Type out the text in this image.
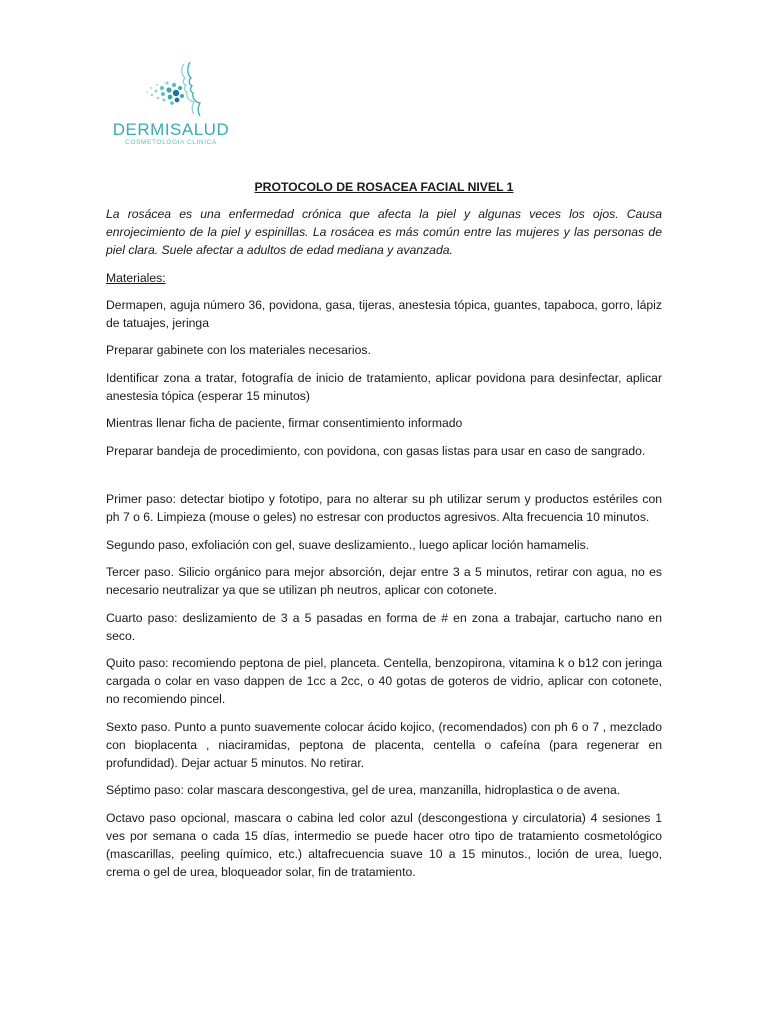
DERMISALUD
COSMETOLOGIA CLINICA
PROTOCOLO DE ROSACEA FACIAL NIVEL 1

La rosácea es una enfermedad crónica que afecta la piel y algunas veces los ojos. Causa enrojecimiento de la piel y espinillas. La rosácea es más común entre las mujeres y las personas de piel clara. Suele afectar a adultos de edad mediana y avanzada.

Materiales:

Dermapen, aguja número 36, povidona, gasa, tijeras, anestesia tópica, guantes, tapaboca, gorro, lápiz de tatuajes, jeringa

Preparar gabinete con los materiales necesarios.

Identificar zona a tratar, fotografía de inicio de tratamiento, aplicar povidona para desinfectar, aplicar anestesia tópica (esperar 15 minutos)

Mientras llenar ficha de paciente, firmar consentimiento informado

Preparar bandeja de procedimiento, con povidona, con gasas listas para usar en caso de sangrado.

Primer paso: detectar biotipo y fototipo, para no alterar su ph utilizar serum y productos estériles con ph 7 o 6. Limpieza (mouse o geles) no estresar con productos agresivos. Alta frecuencia 10 minutos.

Segundo paso, exfoliación con gel, suave deslizamiento., luego aplicar loción hamamelis.

Tercer paso. Silicio orgánico para mejor absorción, dejar entre 3 a 5 minutos, retirar con agua, no es necesario neutralizar ya que se utilizan ph neutros, aplicar con cotonete.

Cuarto paso: deslizamiento de 3 a 5 pasadas en forma de # en zona a trabajar, cartucho nano en seco.

Quito paso: recomiendo peptona de piel, planceta. Centella, benzopirona, vitamina k o b12 con jeringa cargada o colar en vaso dappen de 1cc a 2cc, o 40 gotas de goteros de vidrio, aplicar con cotonete, no recomiendo pincel.

Sexto paso. Punto a punto suavemente colocar ácido kojico, (recomendados) con ph 6 o 7 , mezclado con bioplacenta , niaciramidas, peptona de placenta, centella o cafeína (para regenerar en profundidad). Dejar actuar 5 minutos. No retirar.

Séptimo paso: colar mascara descongestiva, gel de urea, manzanilla, hidroplastica o de avena.

Octavo paso opcional, mascara o cabina led color azul (descongestiona y circulatoria) 4 sesiones 1 ves por semana o cada 15 días, intermedio se puede hacer otro tipo de tratamiento cosmetológico (mascarillas, peeling químico, etc.) altafrecuencia suave 10 a 15 minutos., loción de urea, luego, crema o gel de urea, bloqueador solar, fin de tratamiento.
